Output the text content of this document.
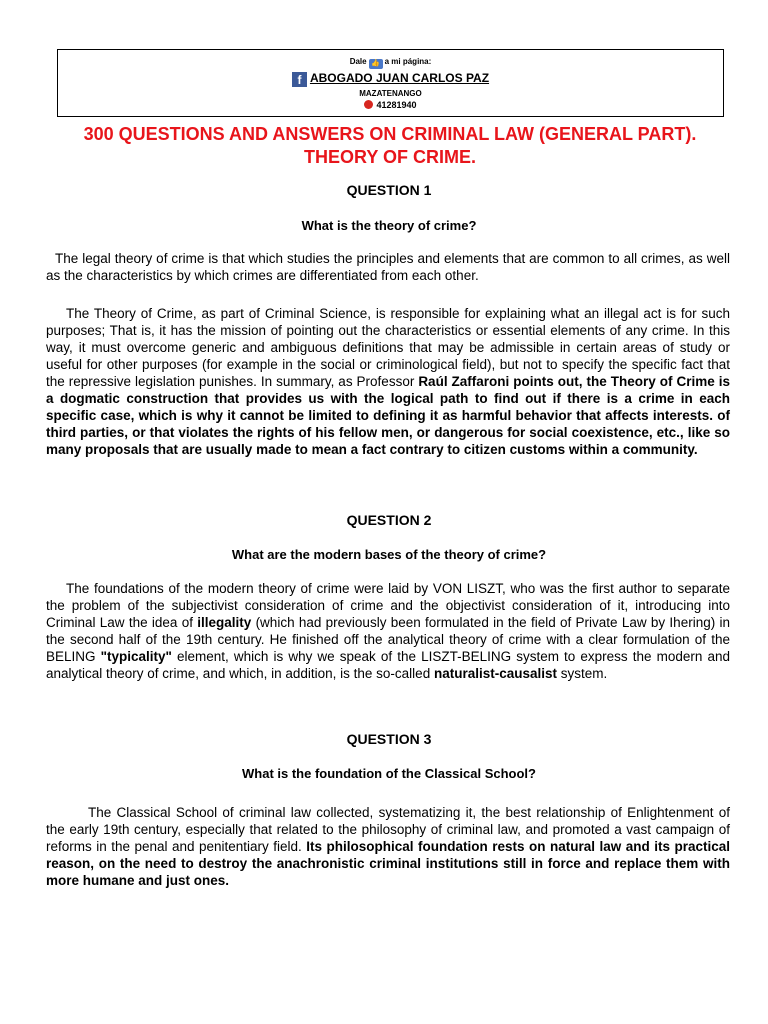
Dale 👍 a mi página:
f ABOGADO JUAN CARLOS PAZ
MAZATENANGO
41281940
300 QUESTIONS AND ANSWERS ON CRIMINAL LAW (GENERAL PART). THEORY OF CRIME.

QUESTION 1

What is the theory of crime?

The legal theory of crime is that which studies the principles and elements that are common to all crimes, as well as the characteristics by which crimes are differentiated from each other.

The Theory of Crime, as part of Criminal Science, is responsible for explaining what an illegal act is for such purposes; That is, it has the mission of pointing out the characteristics or essential elements of any crime. In this way, it must overcome generic and ambiguous definitions that may be admissible in certain areas of study or useful for other purposes (for example in the social or criminological field), but not to specify the specific fact that the repressive legislation punishes. In summary, as Professor Raúl Zaffaroni points out, the Theory of Crime is a dogmatic construction that provides us with the logical path to find out if there is a crime in each specific case, which is why it cannot be limited to defining it as harmful behavior that affects interests. of third parties, or that violates the rights of his fellow men, or dangerous for social coexistence, etc., like so many proposals that are usually made to mean a fact contrary to citizen customs within a community.

QUESTION 2

What are the modern bases of the theory of crime?

The foundations of the modern theory of crime were laid by VON LISZT, who was the first author to separate the problem of the subjectivist consideration of crime and the objectivist consideration of it, introducing into Criminal Law the idea of illegality (which had previously been formulated in the field of Private Law by Ihering) in the second half of the 19th century. He finished off the analytical theory of crime with a clear formulation of the BELING "typicality" element, which is why we speak of the LISZT-BELING system to express the modern and analytical theory of crime, and which, in addition, is the so-called naturalist-causalist system.

QUESTION 3

What is the foundation of the Classical School?

The Classical School of criminal law collected, systematizing it, the best relationship of Enlightenment of the early 19th century, especially that related to the philosophy of criminal law, and promoted a vast campaign of reforms in the penal and penitentiary field. Its philosophical foundation rests on natural law and its practical reason, on the need to destroy the anachronistic criminal institutions still in force and replace them with more humane and just ones.
